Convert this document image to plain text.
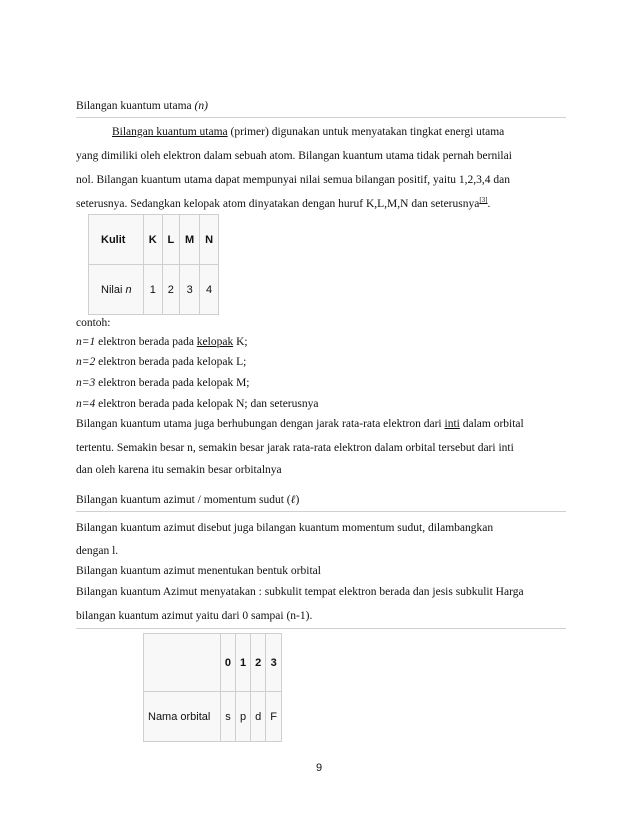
Bilangan kuantum utama (n)
Bilangan kuantum utama (primer) digunakan untuk menyatakan tingkat energi utama
yang dimiliki oleh elektron dalam sebuah atom. Bilangan kuantum utama tidak pernah bernilai
nol. Bilangan kuantum utama dapat mempunyai nilai semua bilangan positif, yaitu 1,2,3,4 dan
seterusnya. Sedangkan kelopak atom dinyatakan dengan huruf K,L,M,N dan seterusnya[3].
Kulit	K	L	M	N
Nilai n	1	2	3	4
contoh:
n=1 elektron berada pada kelopak K;
n=2 elektron berada pada kelopak L;
n=3 elektron berada pada kelopak M;
n=4 elektron berada pada kelopak N; dan seterusnya
Bilangan kuantum utama juga berhubungan dengan jarak rata-rata elektron dari inti dalam orbital
tertentu. Semakin besar n, semakin besar jarak rata-rata elektron dalam orbital tersebut dari inti
dan oleh karena itu semakin besar orbitalnya
Bilangan kuantum azimut / momentum sudut (ℓ)
Bilangan kuantum azimut disebut juga bilangan kuantum momentum sudut, dilambangkan
dengan l.
Bilangan kuantum azimut menentukan bentuk orbital
Bilangan kuantum Azimut menyatakan : subkulit tempat elektron berada dan jesis subkulit Harga
bilangan kuantum azimut yaitu dari 0 sampai (n-1).
	0	1	2	3
Nama orbital	s	p	d	F
9
